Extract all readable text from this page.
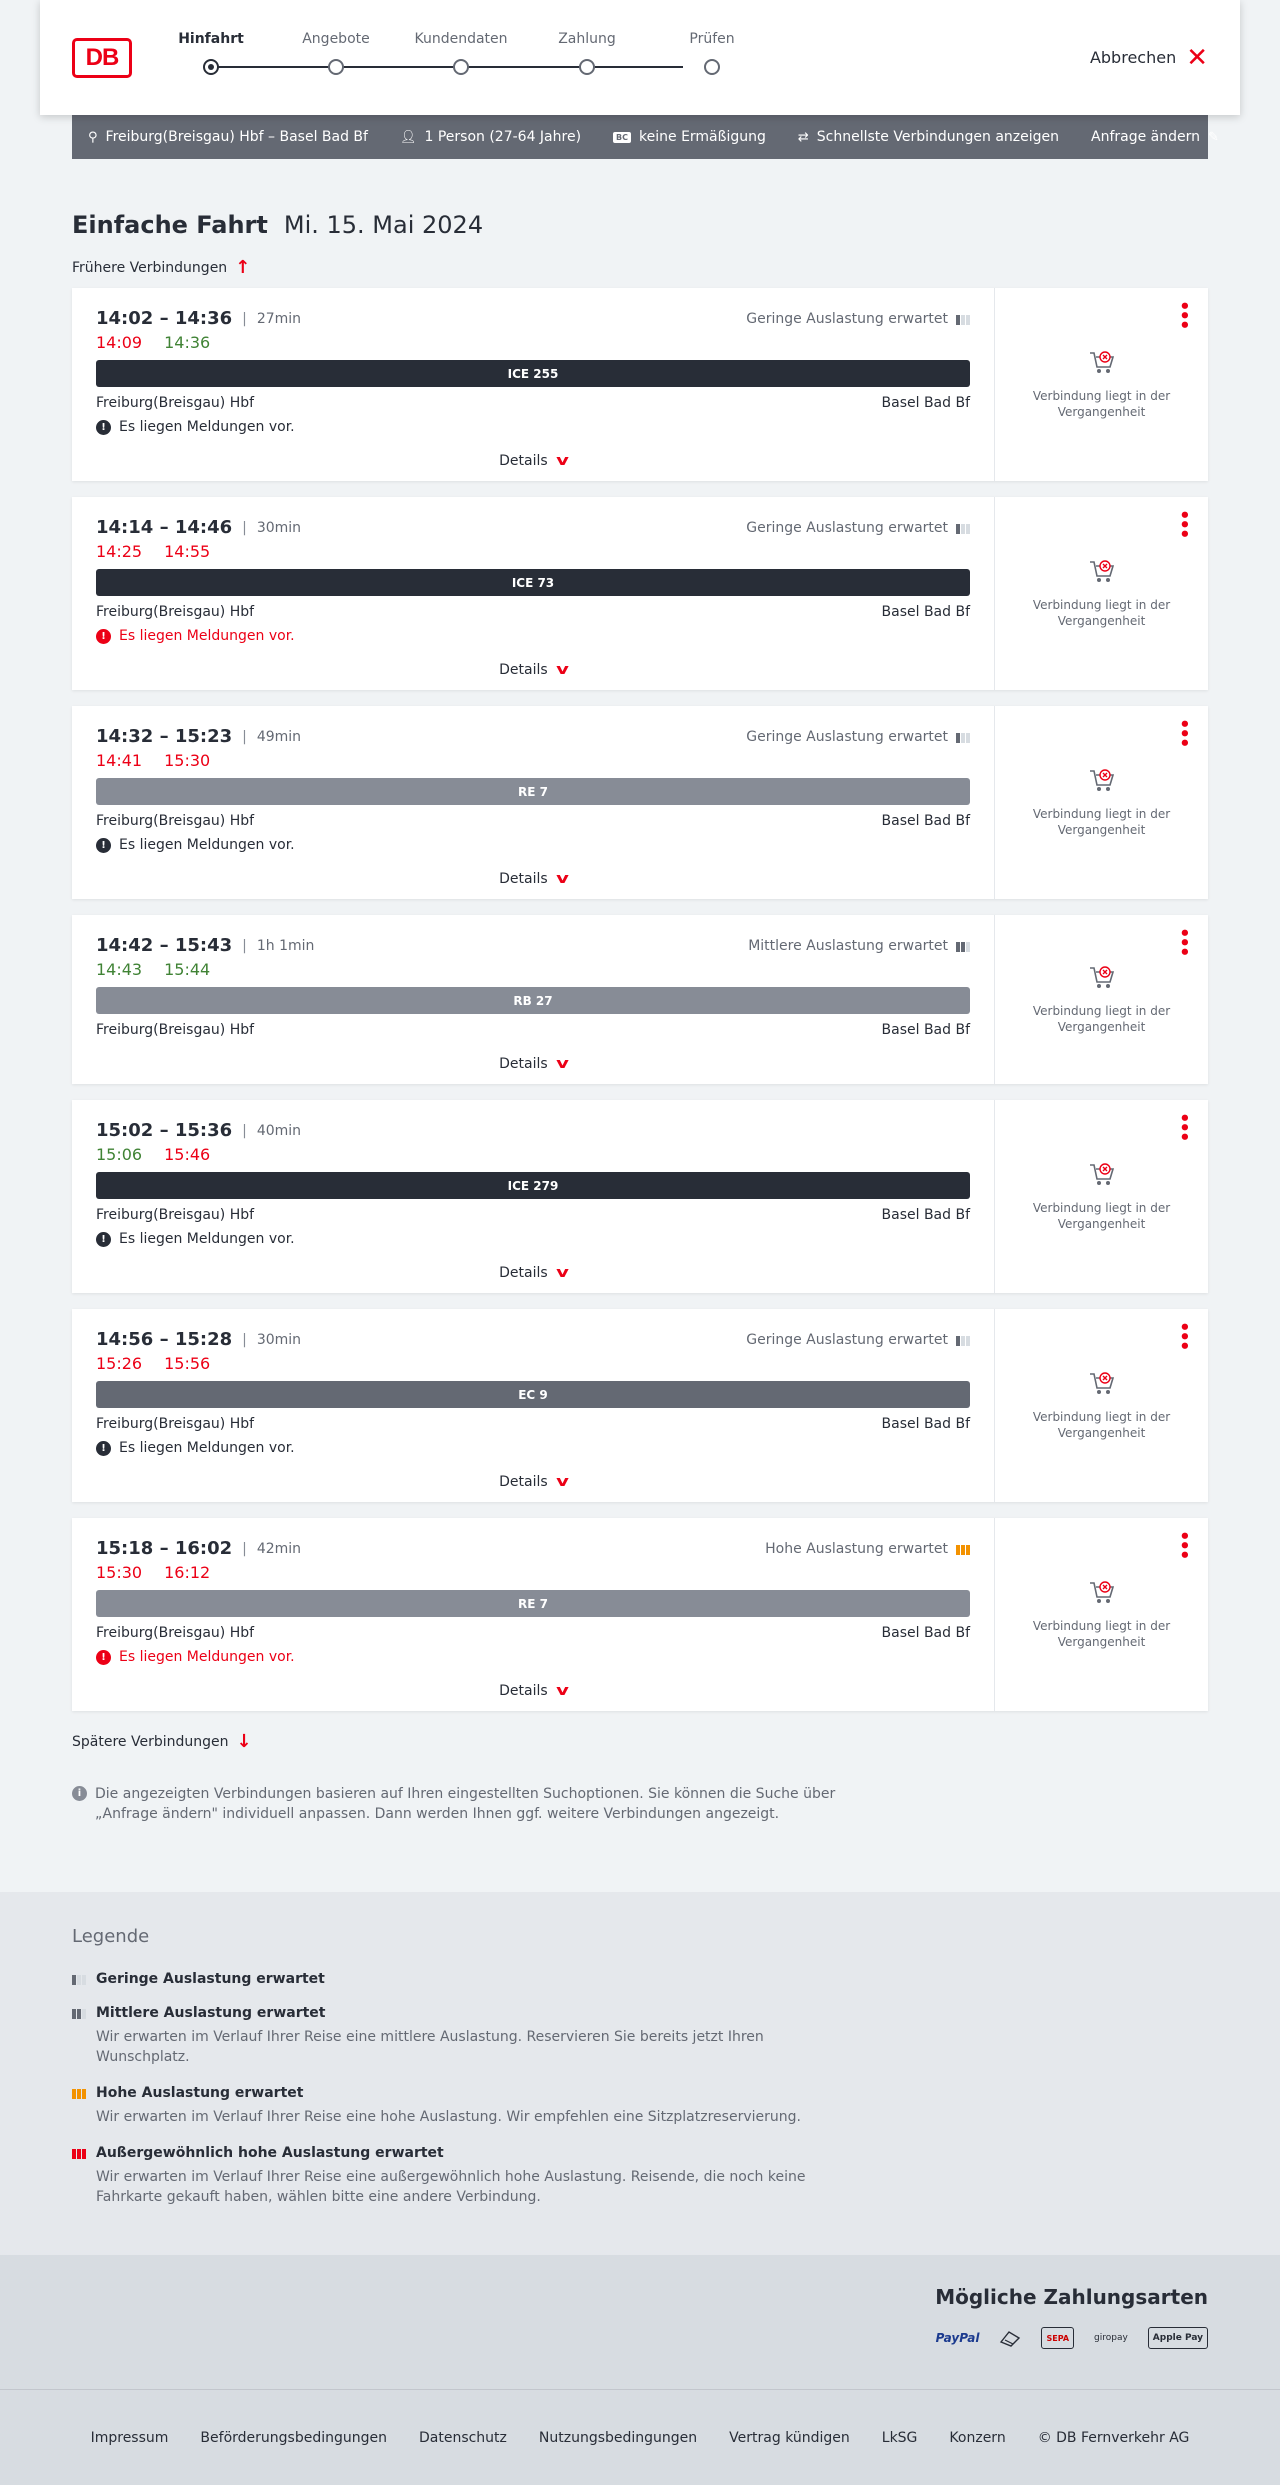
DB
Hinfahrt	Angebote	Kundendaten	Zahlung	Prüfen
Abbrechen ✕
⚲ Freiburg(Breisgau) Hbf – Basel Bad Bf 👤︎ 1 Person (27-64 Jahre)	BC keine Ermäßigung ⇄ Schnellste Verbindungen anzeigen Anfrage ändern ✎
Einfache Fahrt Mi. 15. Mai 2024
Frühere Verbindungen ↑
14:02 – 14:36 | 27min	Geringe Auslastung erwartet
14:09 14:36
ICE 255
Freiburg(Breisgau) Hbf	Basel Bad Bf
! Es liegen Meldungen vor.
Details v
•••
Verbindung liegt in der Vergangenheit
14:14 – 14:46 | 30min	Geringe Auslastung erwartet
14:25 14:55
ICE 73
Freiburg(Breisgau) Hbf	Basel Bad Bf
! Es liegen Meldungen vor.
Details v
•••
Verbindung liegt in der Vergangenheit
14:32 – 15:23 | 49min	Geringe Auslastung erwartet
14:41 15:30
RE 7
Freiburg(Breisgau) Hbf	Basel Bad Bf
! Es liegen Meldungen vor.
Details v
•••
Verbindung liegt in der Vergangenheit
14:42 – 15:43 | 1h 1min	Mittlere Auslastung erwartet
14:43 15:44
RB 27
Freiburg(Breisgau) Hbf	Basel Bad Bf
Details v
•••
Verbindung liegt in der Vergangenheit
15:02 – 15:36 | 40min
15:06 15:46
ICE 279
Freiburg(Breisgau) Hbf	Basel Bad Bf
! Es liegen Meldungen vor.
Details v
•••
Verbindung liegt in der Vergangenheit
14:56 – 15:28 | 30min	Geringe Auslastung erwartet
15:26 15:56
EC 9
Freiburg(Breisgau) Hbf	Basel Bad Bf
! Es liegen Meldungen vor.
Details v
•••
Verbindung liegt in der Vergangenheit
15:18 – 16:02 | 42min	Hohe Auslastung erwartet
15:30 16:12
RE 7
Freiburg(Breisgau) Hbf	Basel Bad Bf
! Es liegen Meldungen vor.
Details v
•••
Verbindung liegt in der Vergangenheit
Spätere Verbindungen ↓
i Die angezeigten Verbindungen basieren auf Ihren eingestellten Suchoptionen. Sie können die Suche über „Anfrage ändern" individuell anpassen. Dann werden Ihnen ggf. weitere Verbindungen angezeigt.
Legende
Geringe Auslastung erwartet
Mittlere Auslastung erwartet
Wir erwarten im Verlauf Ihrer Reise eine mittlere Auslastung. Reservieren Sie bereits jetzt Ihren Wunschplatz.
Hohe Auslastung erwartet
Wir erwarten im Verlauf Ihrer Reise eine hohe Auslastung. Wir empfehlen eine Sitzplatzreservierung.
Außergewöhnlich hohe Auslastung erwartet
Wir erwarten im Verlauf Ihrer Reise eine außergewöhnlich hohe Auslastung. Reisende, die noch keine Fahrkarte gekauft haben, wählen bitte eine andere Verbindung.
Mögliche Zahlungsarten
PayPal	SEPA	giropay	Apple Pay
Impressum Beförderungsbedingungen Datenschutz Nutzungsbedingungen Vertrag kündigen LkSG Konzern © DB Fernverkehr AG
